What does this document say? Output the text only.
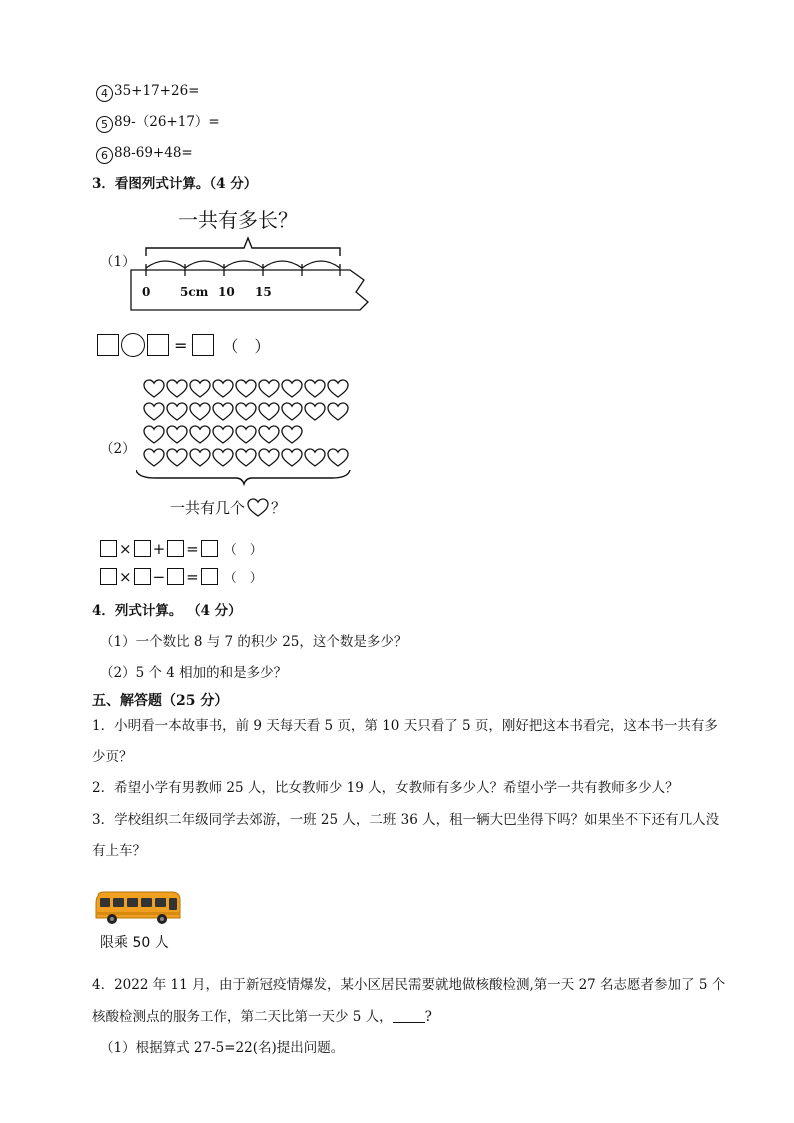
4 35+17+26=
5 89-（26+17）=
6 88-69+48=
3．看图列式计算。（4 分）
一共有多长？
（1）
0 5cm 10 15
= （　）
（2）
一共有几个 ？
× + = （　）
× − = （　）
4．列式计算。 （4 分）
（1）一个数比 8 与 7 的积少 25，这个数是多少？
（2）5 个 4 相加的和是多少？
五、解答题（25 分）
1．小明看一本故事书，前 9 天每天看 5 页，第 10 天只看了 5 页，刚好把这本书看完，这本书一共有多
少页？
2．希望小学有男教师 25 人，比女教师少 19 人，女教师有多少人？希望小学一共有教师多少人？
3．学校组织二年级同学去郊游，一班 25 人，二班 36 人，租一辆大巴坐得下吗？如果坐不下还有几人没
有上车？
限乘 50 人
4．2022 年 11 月，由于新冠疫情爆发，某小区居民需要就地做核酸检测,第一天 27 名志愿者参加了 5 个
核酸检测点的服务工作，第二天比第一天少 5 人， ?
（1）根据算式 27-5=22(名)提出问题。
